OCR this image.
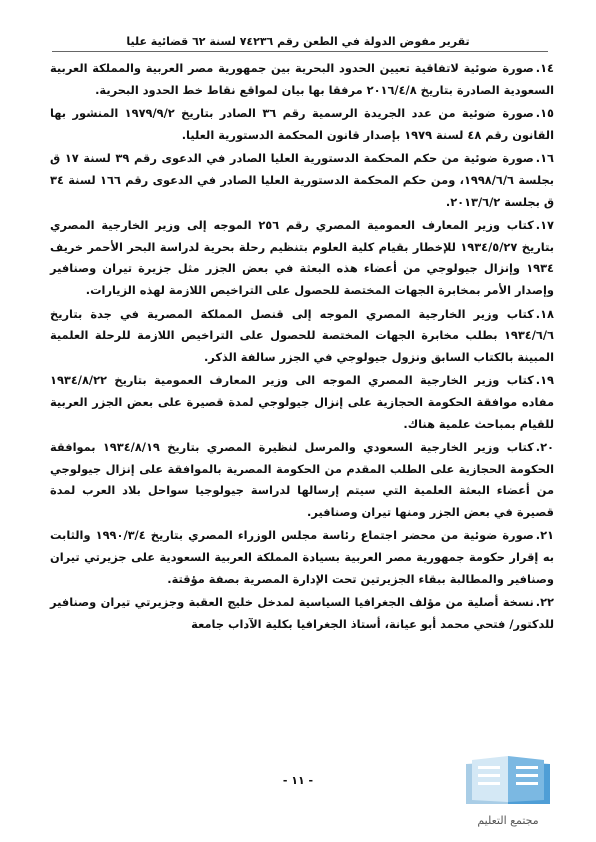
تقرير مفوض الدولة في الطعن رقم ٧٤٢٣٦ لسنة ٦٢ قضائية عليا

١٤.صورة ضوئية لاتفاقية تعيين الحدود البحرية بين جمهورية مصر العربية والمملكة العربية السعودية الصادرة بتاريخ ٢٠١٦/٤/٨ مرفقا بها بيان لمواقع نقاط خط الحدود البحرية.

١٥.صورة ضوئية من عدد الجريدة الرسمية رقم ٣٦ الصادر بتاريخ ١٩٧٩/٩/٢ المنشور بها القانون رقم ٤٨ لسنة ١٩٧٩ بإصدار قانون المحكمة الدستورية العليا.

١٦.صورة ضوئية من حكم المحكمة الدستورية العليا الصادر في الدعوى رقم ٣٩ لسنة ١٧ ق بجلسة ١٩٩٨/٦/٦، ومن حكم المحكمة الدستورية العليا الصادر في الدعوى رقم ١٦٦ لسنة ٣٤ ق بجلسة ٢٠١٣/٦/٢.

١٧.كتاب وزير المعارف العمومية المصري رقم ٢٥٦ الموجه إلى وزير الخارجية المصري بتاريخ ١٩٣٤/٥/٢٧ للإخطار بقيام كلية العلوم بتنظيم رحلة بحرية لدراسة البحر الأحمر خريف ١٩٣٤ وإنزال جيولوجي من أعضاء هذه البعثة في بعض الجزر مثل جزيرة تيران وصنافير وإصدار الأمر بمخابرة الجهات المختصة للحصول على التراخيص اللازمة لهذه الزيارات.

١٨.كتاب وزير الخارجية المصري الموجه إلى قنصل المملكة المصرية في جدة بتاريخ ١٩٣٤/٦/٦ بطلب مخابرة الجهات المختصة للحصول على التراخيص اللازمة للرحلة العلمية المبينة بالكتاب السابق ونزول جيولوجي في الجزر سالفة الذكر.

١٩.كتاب وزير الخارجية المصري الموجه الى وزير المعارف العمومية بتاريخ ١٩٣٤/٨/٢٢ مفاده موافقة الحكومة الحجازية على إنزال جيولوجي لمدة قصيرة على بعض الجزر العربية للقيام بمباحث علمية هناك.

٢٠.كتاب وزير الخارجية السعودي والمرسل لنظيرة المصري بتاريخ ١٩٣٤/٨/١٩ بموافقة الحكومة الحجازية على الطلب المقدم من الحكومة المصرية بالموافقة على إنزال جيولوجي من أعضاء البعثة العلمية التي سيتم إرسالها لدراسة جيولوجيا سواحل بلاد العرب لمدة قصيرة في بعض الجزر ومنها تيران وصنافير.

٢١.صورة ضوئية من محضر اجتماع رئاسة مجلس الوزراء المصري بتاريخ ١٩٩٠/٣/٤ والثابت به إقرار حكومة جمهورية مصر العربية بسيادة المملكة العربية السعودية على جزيرتي تيران وصنافير والمطالبة ببقاء الجزيرتين تحت الإدارة المصرية بصفة مؤقتة.

٢٢.نسخة أصلية من مؤلف الجغرافيا السياسية لمدخل خليج العقبة وجزيرتي تيران وصنافير للدكتور/ فتحي محمد أبو عيانة، أستاذ الجغرافيا بكلية الآداب جامعة

- ١١ -
مجتمع التعليم
